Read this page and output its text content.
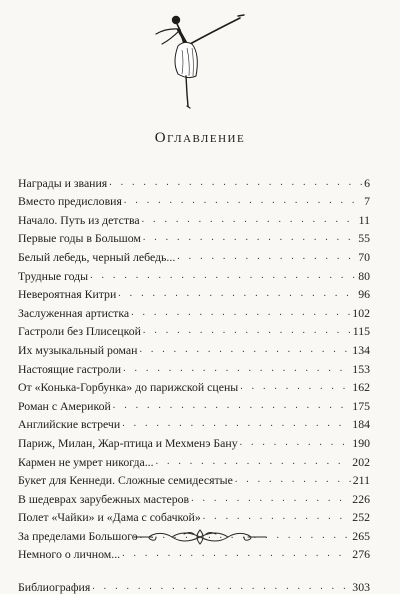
Оглавление
Награды и звания . . .	6
Вместо предисловия . . .	7
Начало. Путь из детства . . .	11
Первые годы в Большом . . .	55
Белый лебедь, черный лебедь... . . .	70
Трудные годы . . .	80
Невероятная Китри . . .	96
Заслуженная артистка . . .	102
Гастроли без Плисецкой . . .	115
Их музыкальный роман . . .	134
Настоящие гастроли . . .	153
От «Конька-Горбунка» до парижской сцены . . .	162
Роман с Америкой . . .	175
Английские встречи . . .	184
Париж, Милан, Жар-птица и Мехменэ Бану . . .	190
Кармен не умрет никогда... . . .	202
Букет для Кеннеди. Сложные семидесятые . . .	211
В шедеврах зарубежных мастеров . . .	226
Полет «Чайки» и «Дама с собачкой» . . .	252
За пределами Большого . . .	265
Немного о личном... . . .	276
Библиография . . .	303
